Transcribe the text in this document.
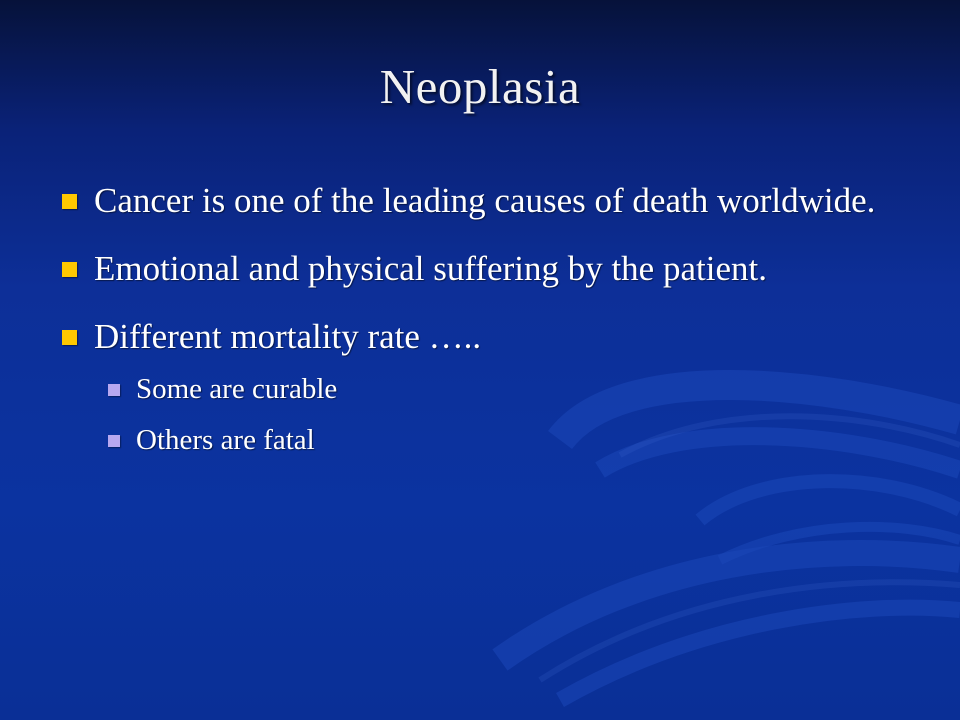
Neoplasia
Cancer is one of the leading causes of death worldwide.
Emotional and physical suffering by the patient.
Different mortality rate …..
Some are curable
Others are fatal
